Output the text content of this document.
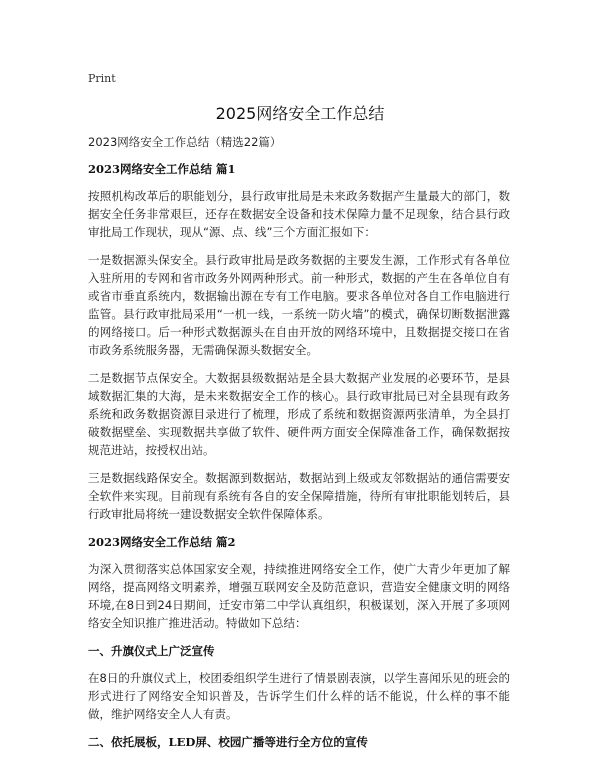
Print
2025网络安全工作总结

2023网络安全工作总结（精选22篇）

2023网络安全工作总结 篇1

按照机构改革后的职能划分，县行政审批局是未来政务数据产生量最大的部门，数据安全任务非常艰巨，还存在数据安全设备和技术保障力量不足现象，结合县行政审批局工作现状，现从“源、点、线”三个方面汇报如下：

一是数据源头保安全。县行政审批局是政务数据的主要发生源，工作形式有各单位入驻所用的专网和省市政务外网两种形式。前一种形式，数据的产生在各单位自有或省市垂直系统内，数据输出源在专有工作电脑。要求各单位对各自工作电脑进行监管。县行政审批局采用“一机一线，一系统一防火墙”的模式，确保切断数据泄露的网络接口。后一种形式数据源头在自由开放的网络环境中，且数据提交接口在省市政务系统服务器，无需确保源头数据安全。

二是数据节点保安全。大数据县级数据站是全县大数据产业发展的必要环节，是县域数据汇集的大海，是未来数据安全工作的核心。县行政审批局已对全县现有政务系统和政务数据资源目录进行了梳理，形成了系统和数据资源两张清单，为全县打破数据壁垒、实现数据共享做了软件、硬件两方面安全保障准备工作，确保数据按规范进站，按授权出站。

三是数据线路保安全。数据源到数据站，数据站到上级或友邻数据站的通信需要安全软件来实现。目前现有系统有各自的安全保障措施，待所有审批职能划转后，县行政审批局将统一建设数据安全软件保障体系。

2023网络安全工作总结 篇2

为深入贯彻落实总体国家安全观，持续推进网络安全工作，使广大青少年更加了解网络，提高网络文明素养，增强互联网安全及防范意识，营造安全健康文明的网络环境,在8日到24日期间，迁安市第二中学认真组织，积极谋划，深入开展了多项网络安全知识推广推进活动。特做如下总结：

一、升旗仪式上广泛宣传

在8日的升旗仪式上，校团委组织学生进行了情景剧表演，以学生喜闻乐见的班会的形式进行了网络安全知识普及，告诉学生们什么样的话不能说，什么样的事不能做，维护网络安全人人有责。

二、依托展板，LED屏、校园广播等进行全方位的宣传
